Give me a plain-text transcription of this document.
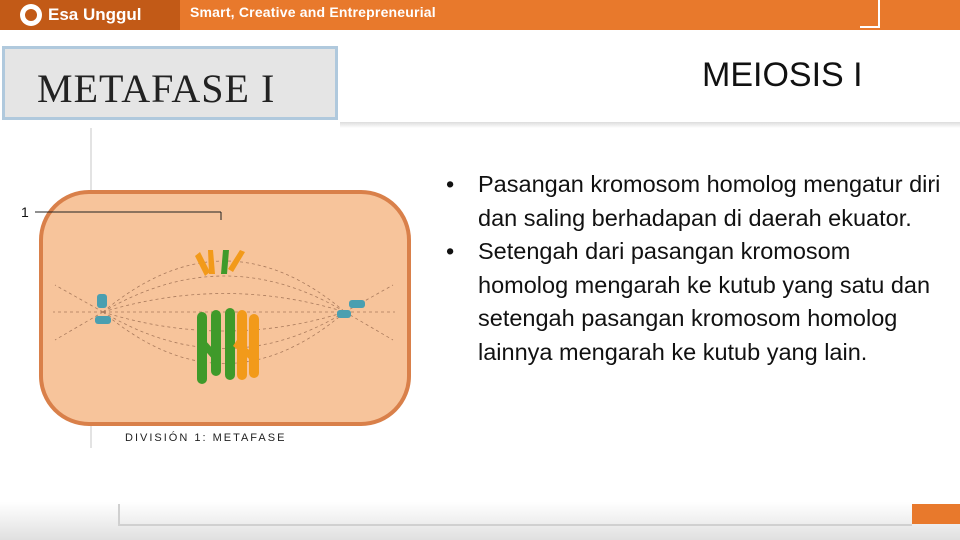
Esa Unggul	Smart, Creative and Entrepreneurial
METAFASE I	MEIOSIS I
1
DIVISIÓN 1: METAFASE
• Pasangan kromosom homolog mengatur diri dan saling berhadapan di daerah ekuator.
• Setengah dari pasangan kromosom homolog mengarah ke kutub yang satu dan setengah pasangan kromosom homolog lainnya mengarah ke kutub yang lain.
